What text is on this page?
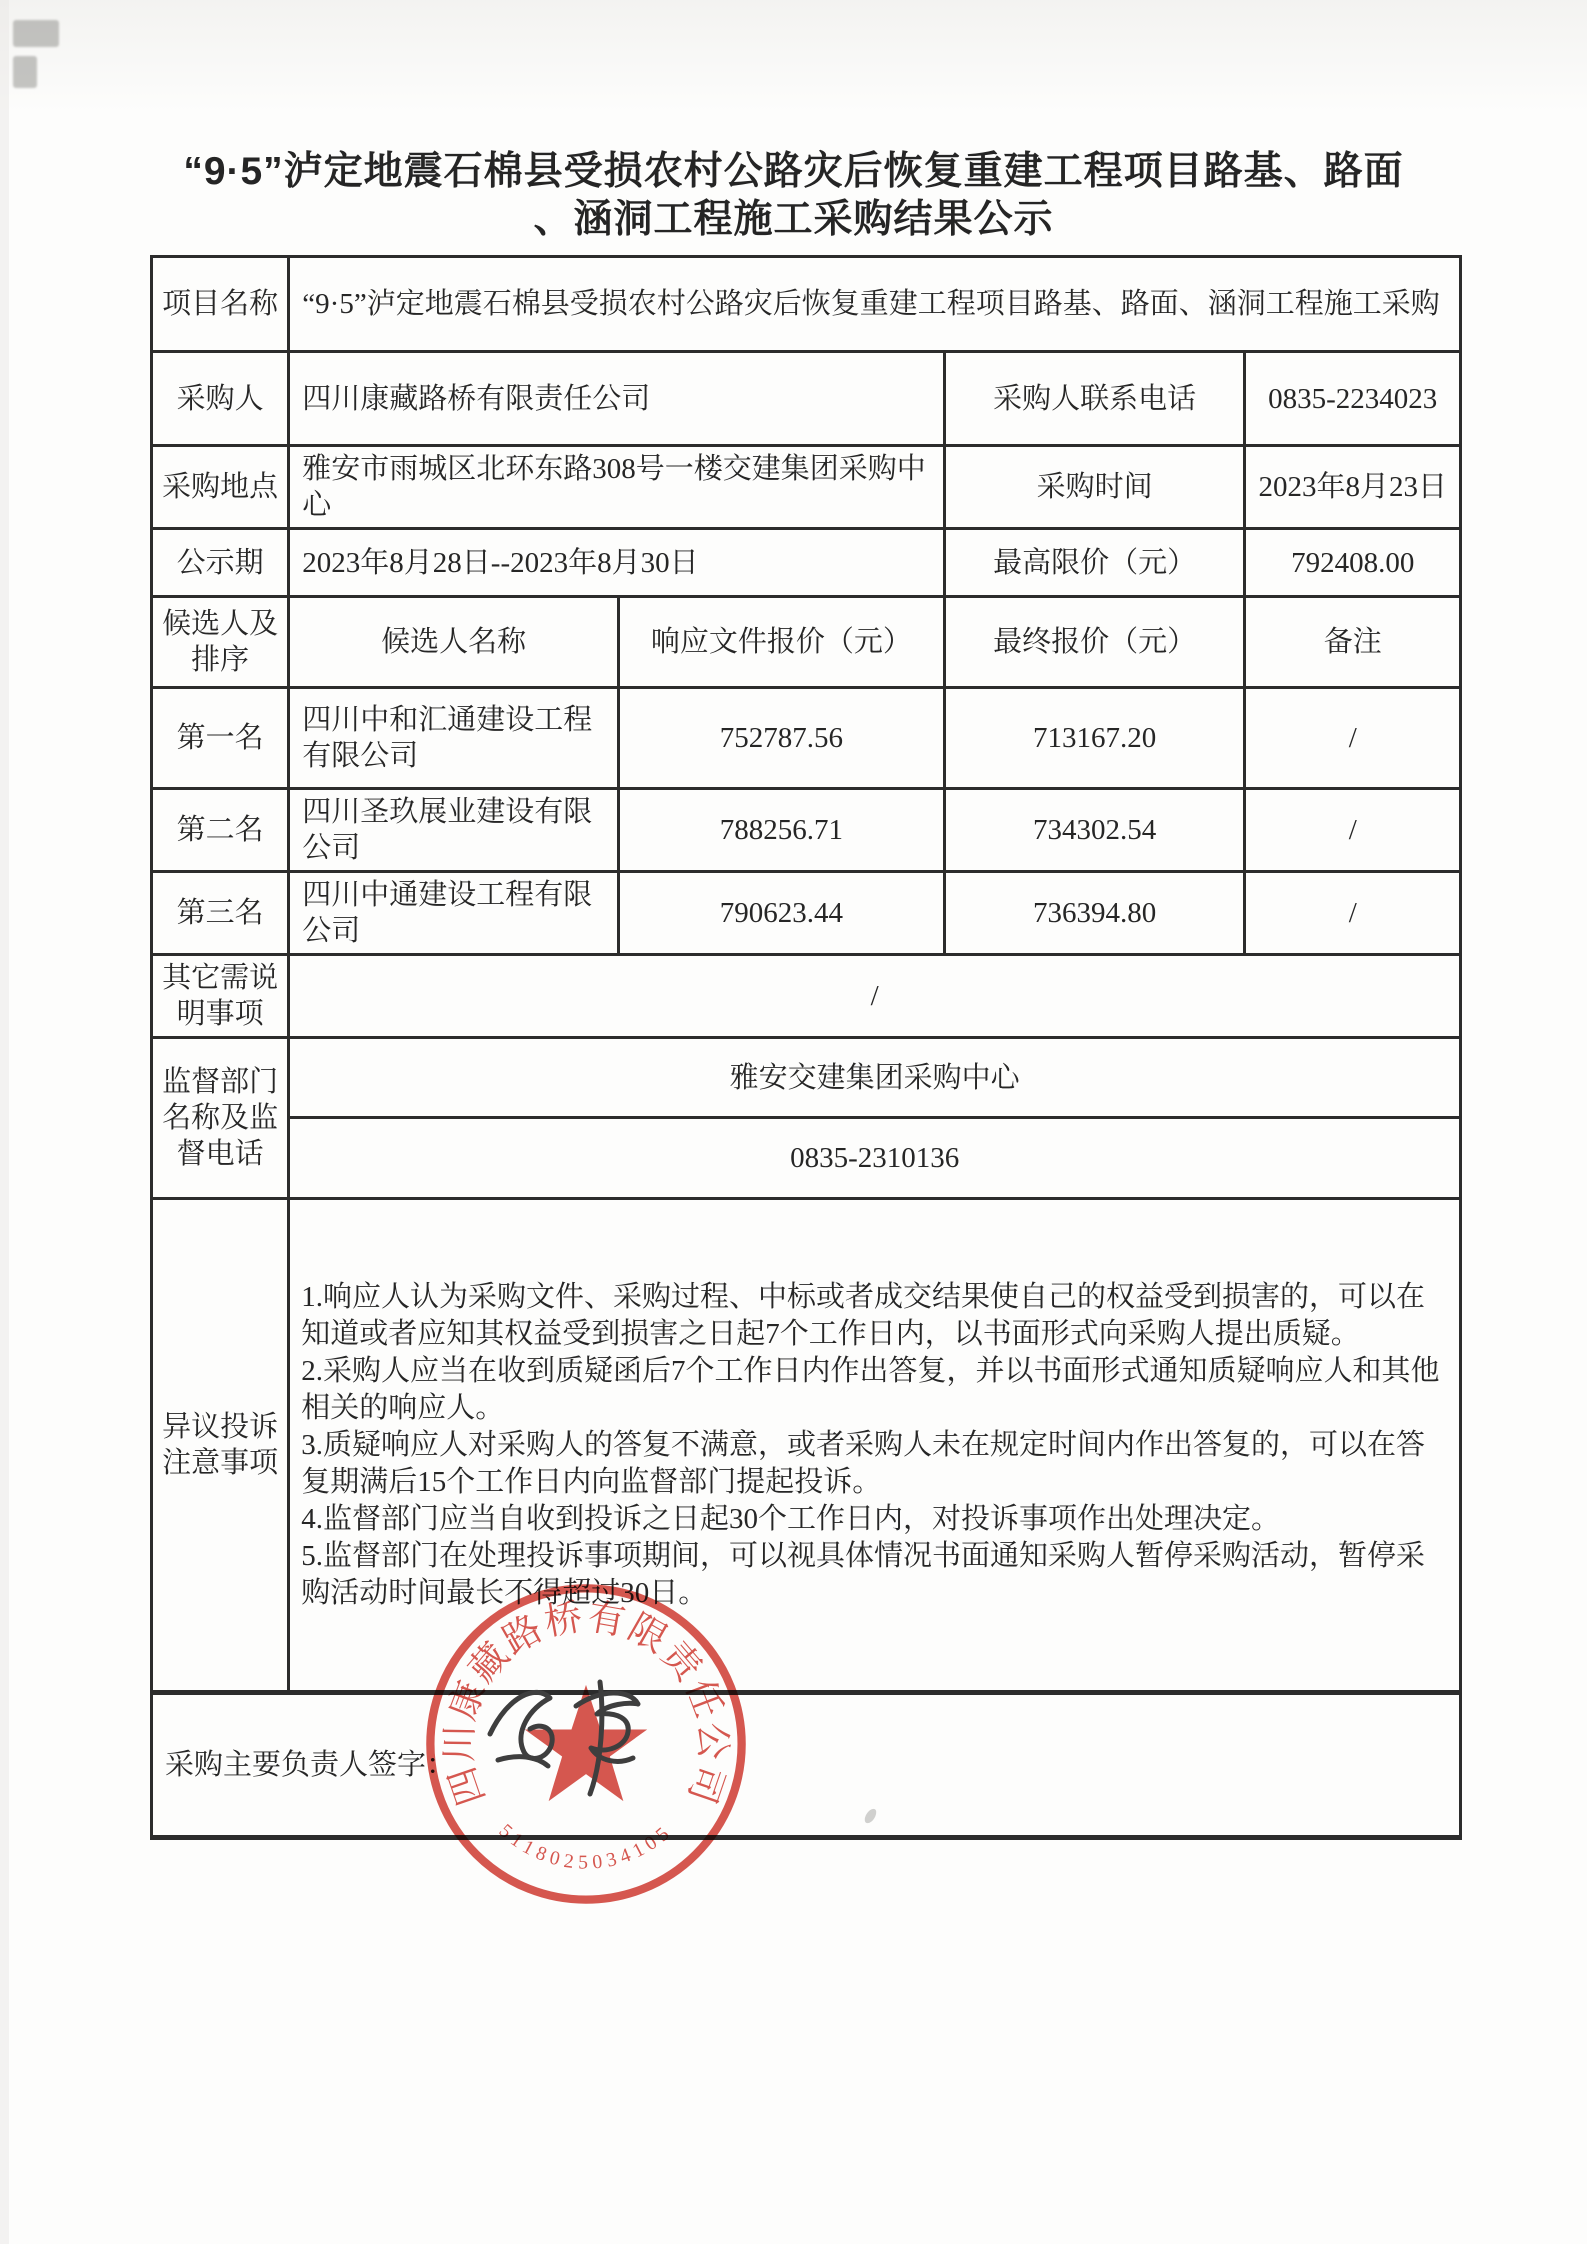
“9·5”泸定地震石棉县受损农村公路灾后恢复重建工程项目路基、路面
、涵洞工程施工采购结果公示
项目名称	“9·5”泸定地震石棉县受损农村公路灾后恢复重建工程项目路基、路面、涵洞工程施工采购			
采购人	四川康藏路桥有限责任公司		采购人联系电话	0835-2234023
采购地点	雅安市雨城区北环东路308号一楼交建集团采购中心		采购时间	2023年8月23日
公示期	2023年8月28日--2023年8月30日		最高限价（元）	792408.00
候选人及排序	候选人名称	响应文件报价（元）	最终报价（元）	备注
第一名	四川中和汇通建设工程有限公司	752787.56	713167.20	/
第二名	四川圣玖展业建设有限公司	788256.71	734302.54	/
第三名	四川中通建设工程有限公司	790623.44	736394.80	/
其它需说明事项	/			
监督部门名称及监督电话	雅安交建集团采购中心			
	0835-2310136			
异议投诉注意事项	1.响应人认为采购文件、采购过程、中标或者成交结果使自己的权益受到损害的，可以在知道或者应知其权益受到损害之日起7个工作日内，以书面形式向采购人提出质疑。
2.采购人应当在收到质疑函后7个工作日内作出答复，并以书面形式通知质疑响应人和其他相关的响应人。
3.质疑响应人对采购人的答复不满意，或者采购人未在规定时间内作出答复的，可以在答复期满后15个工作日内向监督部门提起投诉。
4.监督部门应当自收到投诉之日起30个工作日内，对投诉事项作出处理决定。
5.监督部门在处理投诉事项期间，可以视具体情况书面通知采购人暂停采购活动，暂停采购活动时间最长不得超过30日。			

采购主要负责人签字：				
四川康藏路桥有限责任公司
5118025034105
